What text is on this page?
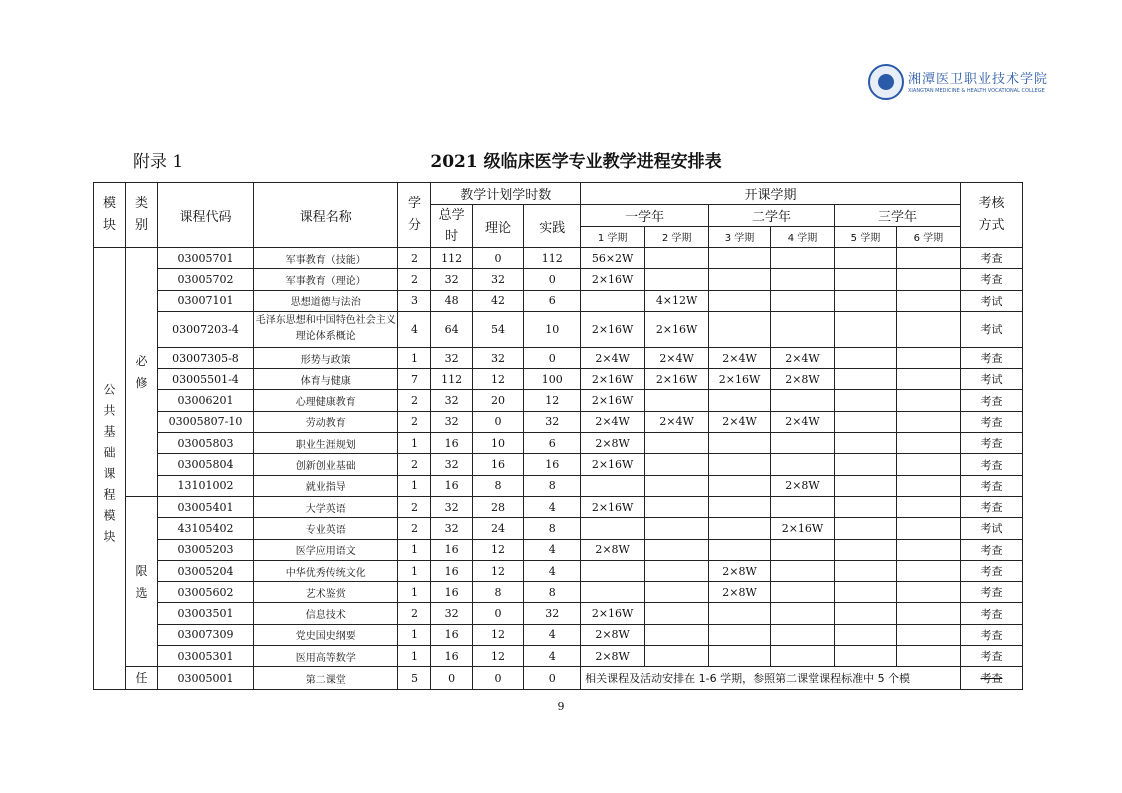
湘潭医卫职业技术学院
XIANGTAN MEDICINE & HEALTH VOCATIONAL COLLEGE
附录 1	2021 级临床医学专业教学进程安排表
模块	类别	课程代码	课程名称	学分	教学计划学时数			开课学期						考核方式
					总学时	理论	实践	一学年		二学年		三学年		
								1 学期	2 学期	3 学期	4 学期	5 学期	6 学期	
公共基础课程模块	必修	03005701	军事教育（技能）	2	112	0	112	56×2W						考查
		03005702	军事教育（理论）	2	32	32	0	2×16W						考查
		03007101	思想道德与法治	3	48	42	6		4×12W					考试
		03007203-4	毛泽东思想和中国特色社会主义理论体系概论	4	64	54	10	2×16W	2×16W					考试
		03007305-8	形势与政策	1	32	32	0	2×4W	2×4W	2×4W	2×4W			考查
		03005501-4	体育与健康	7	112	12	100	2×16W	2×16W	2×16W	2×8W			考试
		03006201	心理健康教育	2	32	20	12	2×16W						考查
		03005807-10	劳动教育	2	32	0	32	2×4W	2×4W	2×4W	2×4W			考查
		03005803	职业生涯规划	1	16	10	6	2×8W						考查
		03005804	创新创业基础	2	32	16	16	2×16W						考查
		13101002	就业指导	1	16	8	8				2×8W			考查
	限选	03005401	大学英语	2	32	28	4	2×16W						考查
		43105402	专业英语	2	32	24	8				2×16W			考试
		03005203	医学应用语文	1	16	12	4	2×8W						考查
		03005204	中华优秀传统文化	1	16	12	4			2×8W				考查
		03005602	艺术鉴赏	1	16	8	8			2×8W				考查
		03003501	信息技术	2	32	0	32	2×16W						考查
		03007309	党史国史纲要	1	16	12	4	2×8W						考查
		03005301	医用高等数学	1	16	12	4	2×8W						考查
	任	03005001	第二课堂	5	0	0	0	相关课程及活动安排在 1-6 学期，参照第二课堂课程标准中 5 个模						考查
9
